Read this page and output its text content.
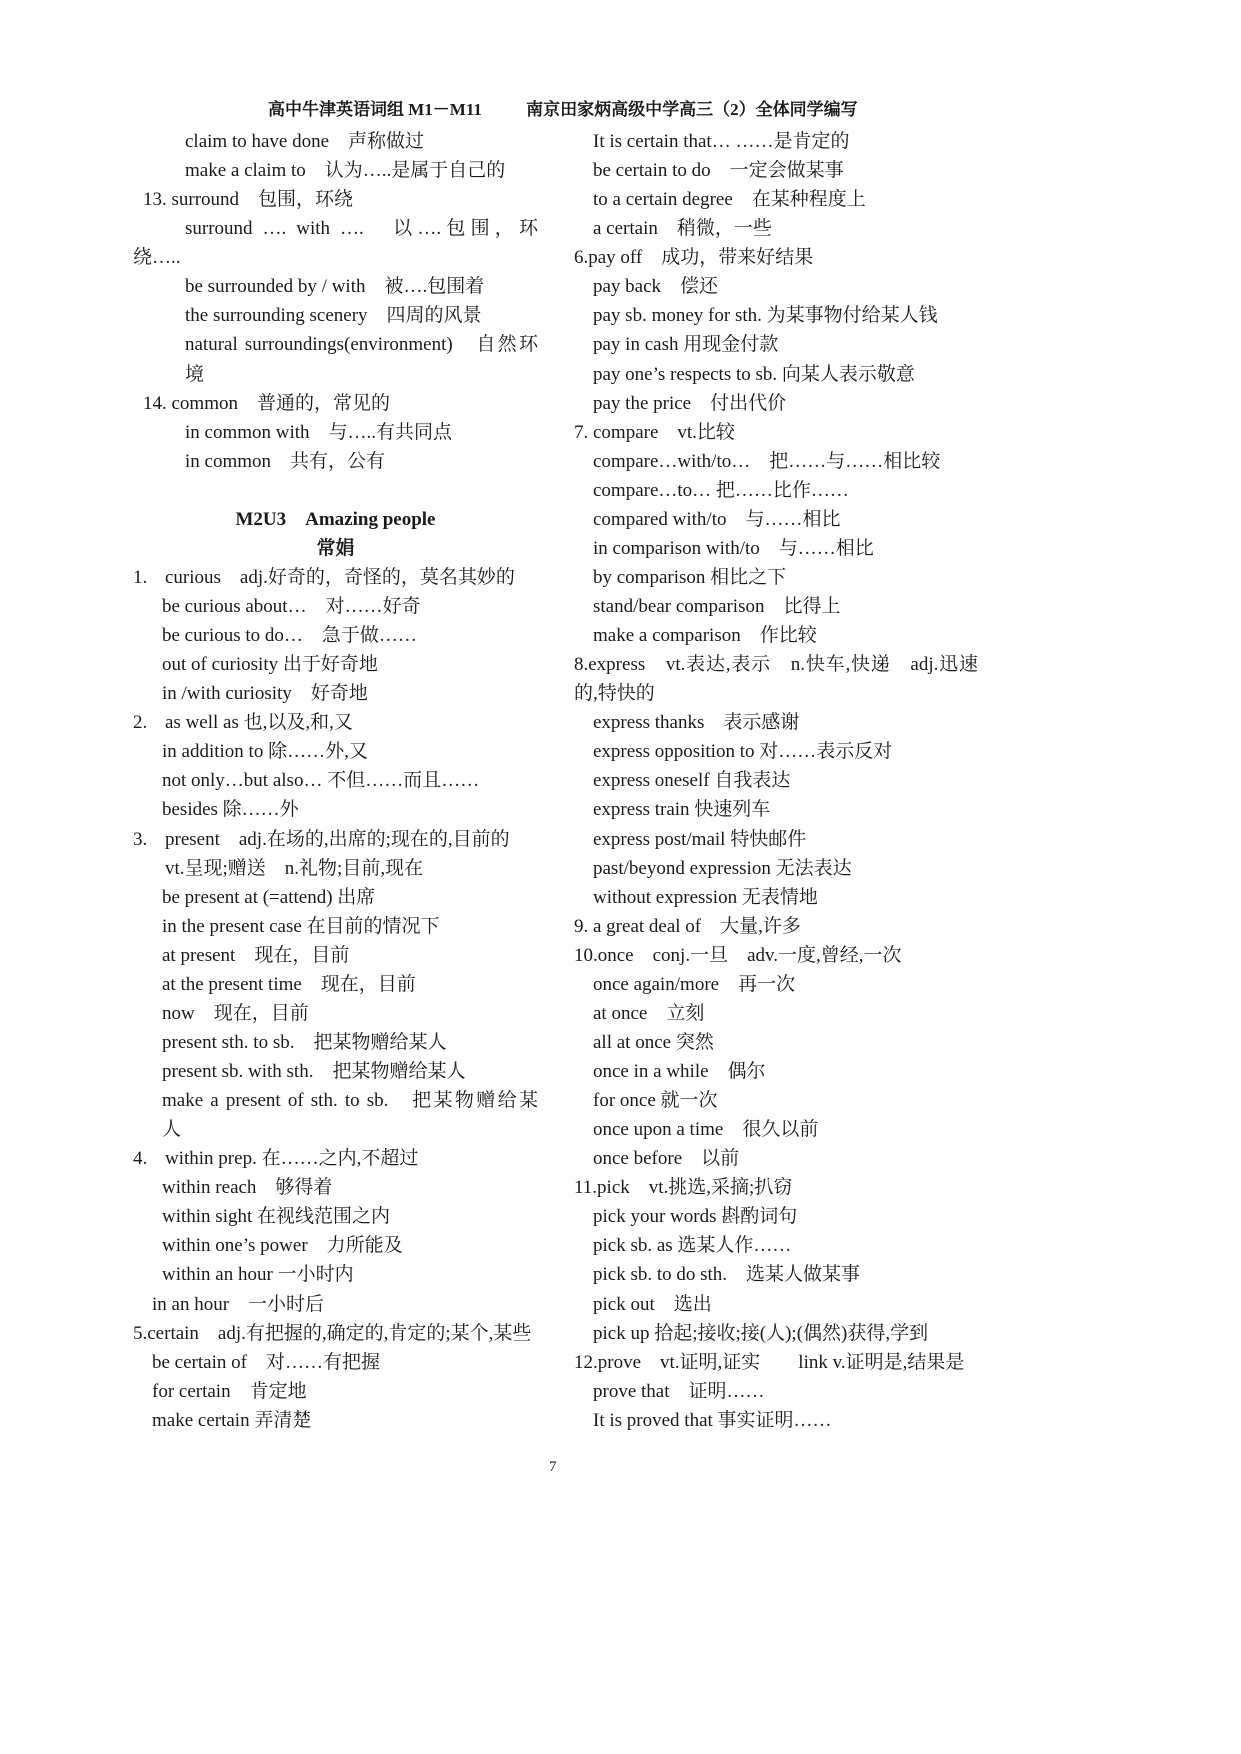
高中牛津英语词组 M1－M11	南京田家炳高级中学高三（2）全体同学编写
claim to have done　声称做过
make a claim to　认为…..是属于自己的
13. surround　包围，环绕
surround …. with ….　以….包围，环
绕…..
be surrounded by / with　被….包围着
the surrounding scenery　四周的风景
natural surroundings(environment)　自然环
境
14. common　普通的，常见的
in common with　与…..有共同点
in common　共有，公有
M2U3　Amazing people
常娟
1. curious　adj.好奇的，奇怪的，莫名其妙的
be curious about…　对……好奇
be curious to do…　急于做……
out of curiosity 出于好奇地
in /with curiosity　好奇地
2. as well as 也,以及,和,又
in addition to 除……外,又
not only…but also… 不但……而且……
besides 除……外
3. present　adj.在场的,出席的;现在的,目前的
vt.呈现;赠送　n.礼物;目前,现在
be present at (=attend) 出席
in the present case 在目前的情况下
at present　现在，目前
at the present time　现在，目前
now　现在，目前
present sth. to sb.　把某物赠给某人
present sb. with sth.　把某物赠给某人
make a present of sth. to sb.　把某物赠给某
人
4. within prep. 在……之内,不超过
within reach　够得着
within sight 在视线范围之内
within one’s power　力所能及
within an hour 一小时内
in an hour　一小时后
5.certain　adj.有把握的,确定的,肯定的;某个,某些
be certain of　对……有把握
for certain　肯定地
make certain 弄清楚
It is certain that… ……是肯定的
be certain to do　一定会做某事
to a certain degree　在某种程度上
a certain　稍微，一些
6.pay off　成功，带来好结果
pay back　偿还
pay sb. money for sth. 为某事物付给某人钱
pay in cash 用现金付款
pay one’s respects to sb. 向某人表示敬意
pay the price　付出代价
7. compare　vt.比较
compare…with/to…　把……与……相比较
compare…to… 把……比作……
compared with/to　与……相比
in comparison with/to　与……相比
by comparison 相比之下
stand/bear comparison　比得上
make a comparison　作比较
8.express　vt.表达,表示　n.快车,快递　adj.迅速
的,特快的
express thanks　表示感谢
express opposition to 对……表示反对
express oneself 自我表达
express train 快速列车
express post/mail 特快邮件
past/beyond expression 无法表达
without expression 无表情地
9. a great deal of　大量,许多
10.once　conj.一旦　adv.一度,曾经,一次
once again/more　再一次
at once　立刻
all at once 突然
once in a while　偶尔
for once 就一次
once upon a time　很久以前
once before　以前
11.pick　vt.挑选,采摘;扒窃
pick your words 斟酌词句
pick sb. as 选某人作……
pick sb. to do sth.　选某人做某事
pick out　选出
pick up 拾起;接收;接(人);(偶然)获得,学到
12.prove　vt.证明,证实　　link v.证明是,结果是
prove that　证明……
It is proved that 事实证明……
7
